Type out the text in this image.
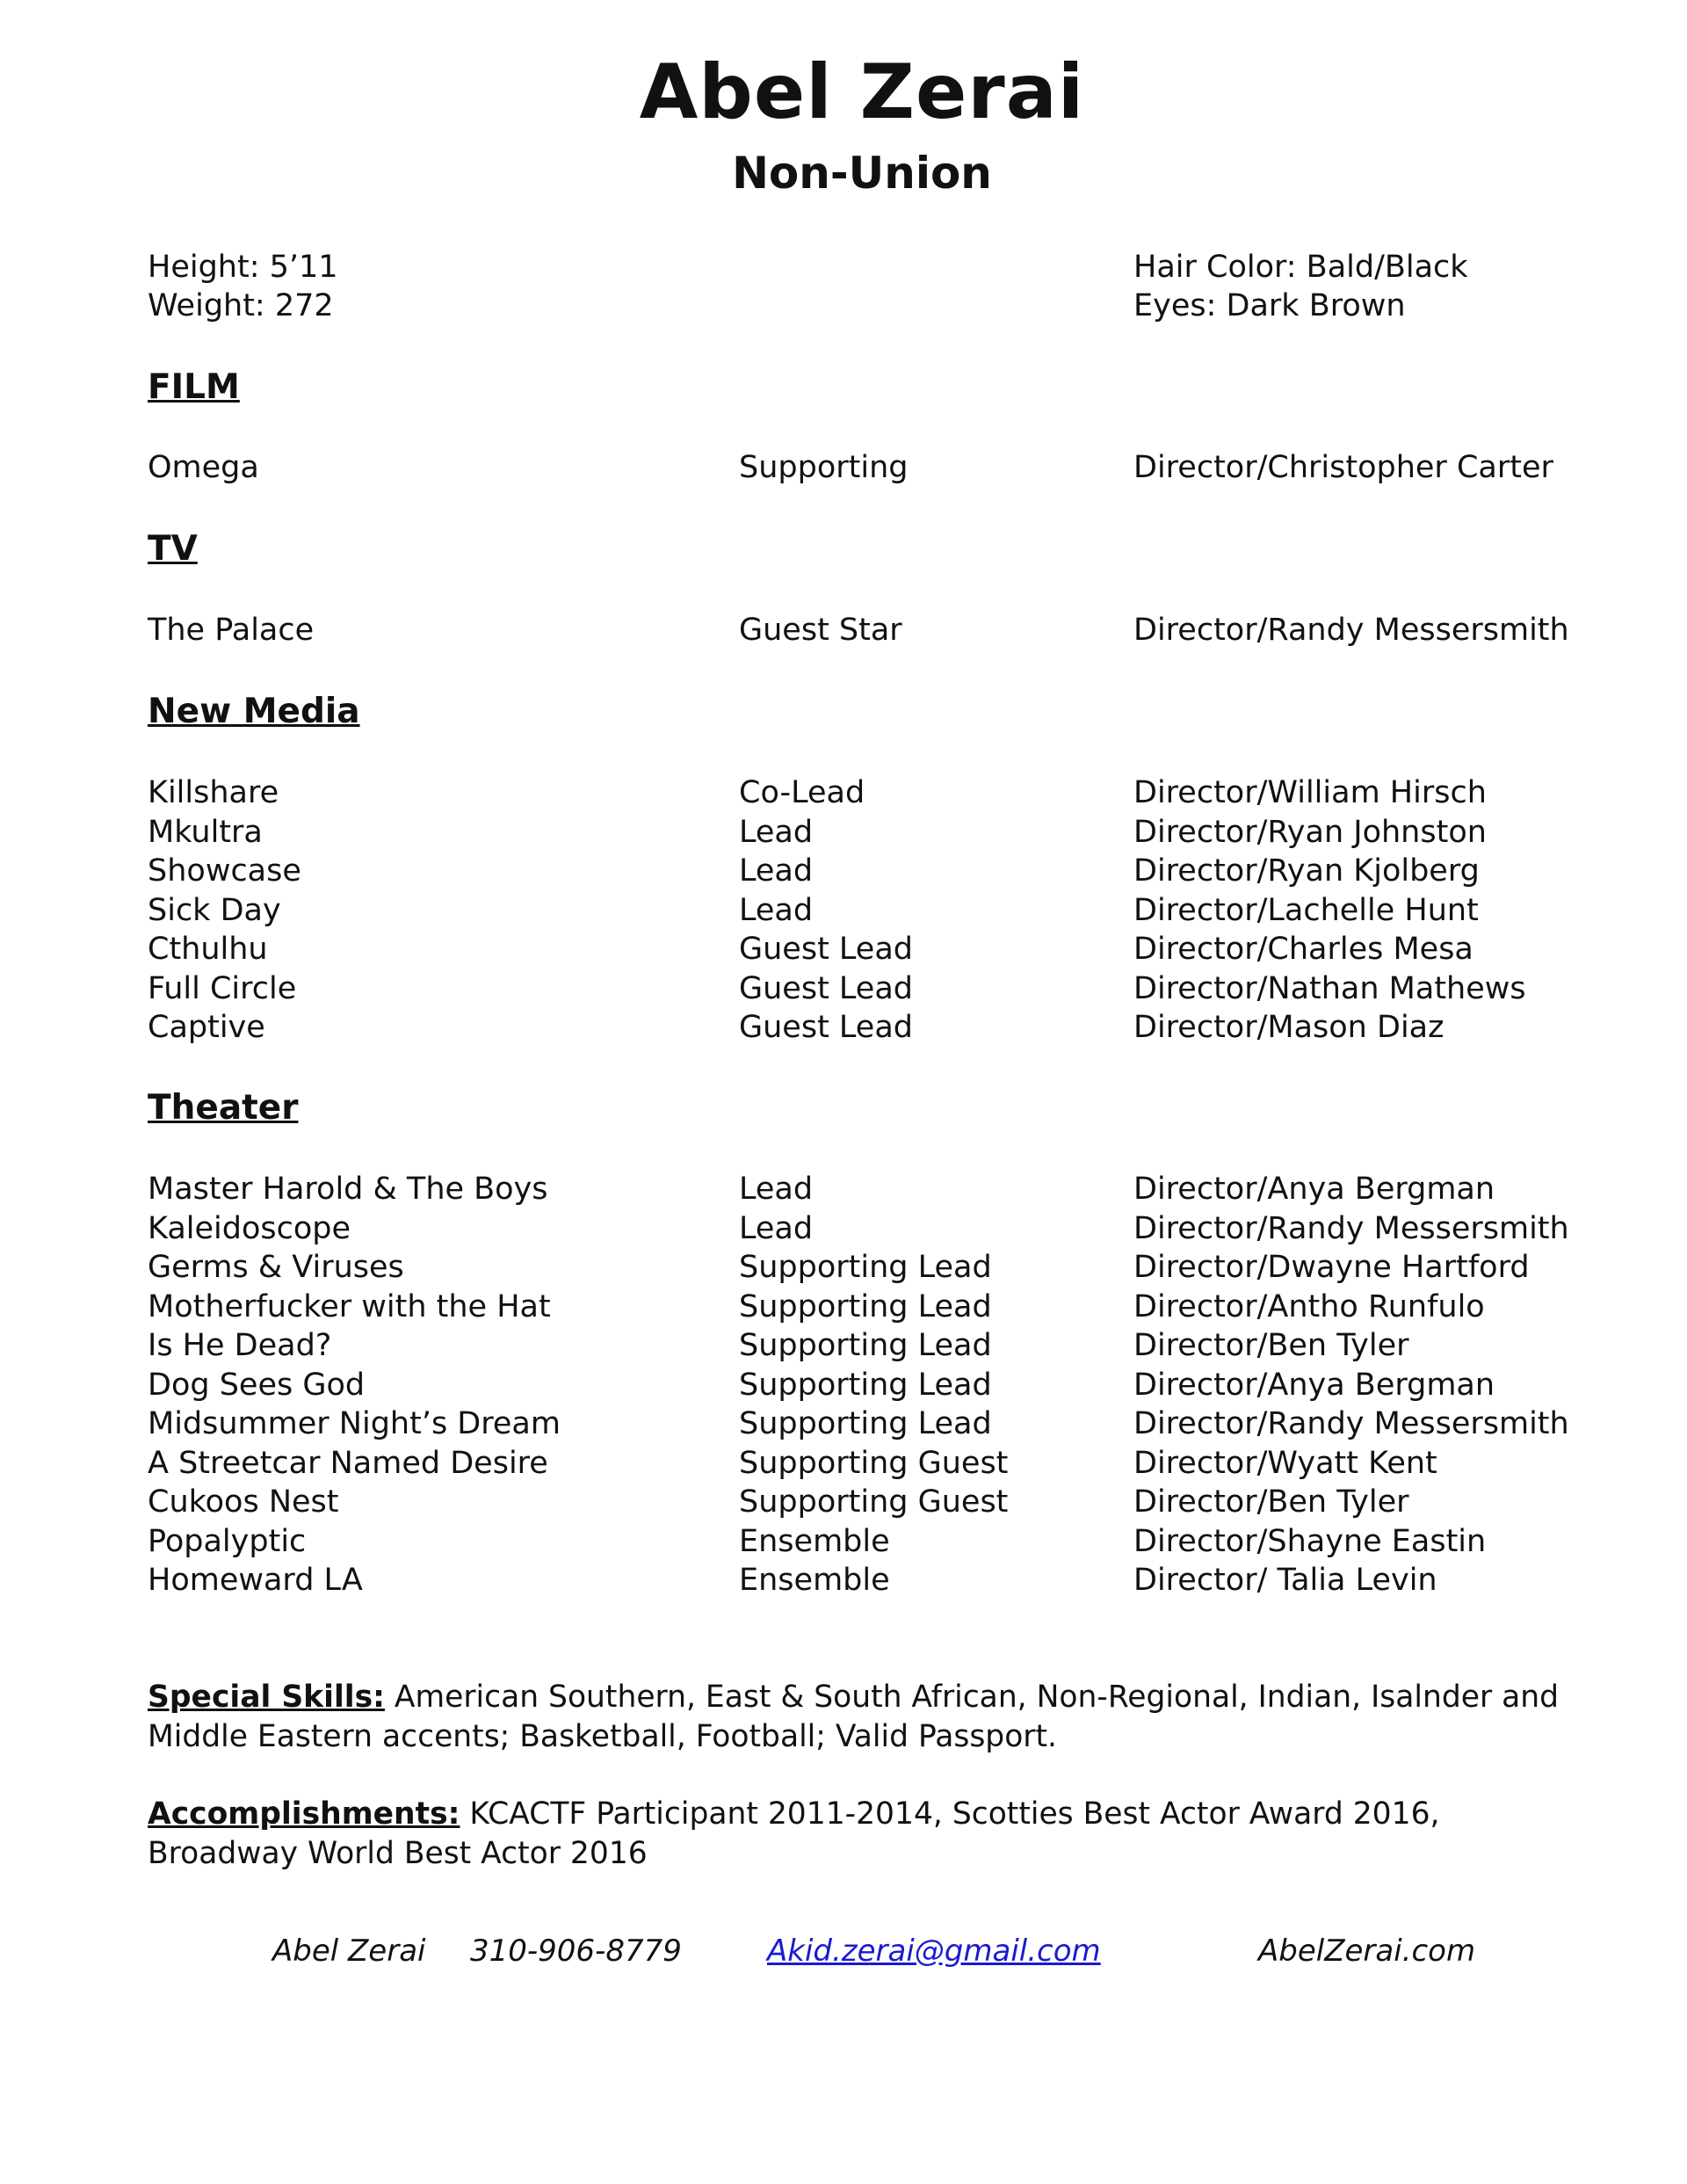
Abel Zerai
Non-Union
Height: 5’11
Weight: 272
Hair Color: Bald/Black
Eyes: Dark Brown
FILM
Omega	Supporting	Director/Christopher Carter
TV
The Palace	Guest Star	Director/Randy Messersmith
New Media
Killshare	Co-Lead	Director/William Hirsch
Mkultra	Lead	Director/Ryan Johnston
Showcase	Lead	Director/Ryan Kjolberg
Sick Day	Lead	Director/Lachelle Hunt
Cthulhu	Guest Lead	Director/Charles Mesa
Full Circle	Guest Lead	Director/Nathan Mathews
Captive	Guest Lead	Director/Mason Diaz
Theater
Master Harold & The Boys	Lead	Director/Anya Bergman
Kaleidoscope	Lead	Director/Randy Messersmith
Germs & Viruses	Supporting Lead	Director/Dwayne Hartford
Motherfucker with the Hat	Supporting Lead	Director/Antho Runfulo
Is He Dead?	Supporting Lead	Director/Ben Tyler
Dog Sees God	Supporting Lead	Director/Anya Bergman
Midsummer Night’s Dream	Supporting Lead	Director/Randy Messersmith
A Streetcar Named Desire	Supporting Guest	Director/Wyatt Kent
Cukoos Nest	Supporting Guest	Director/Ben Tyler
Popalyptic	Ensemble	Director/Shayne Eastin
Homeward LA	Ensemble	Director/ Talia Levin
Special Skills: American Southern, East & South African, Non-Regional, Indian, Isalnder and Middle Eastern accents; Basketball, Football; Valid Passport.
Accomplishments: KCACTF Participant 2011-2014, Scotties Best Actor Award 2016, Broadway World Best Actor 2016
Abel Zerai 310-906-8779	Akid.zerai@gmail.com	AbelZerai.com
